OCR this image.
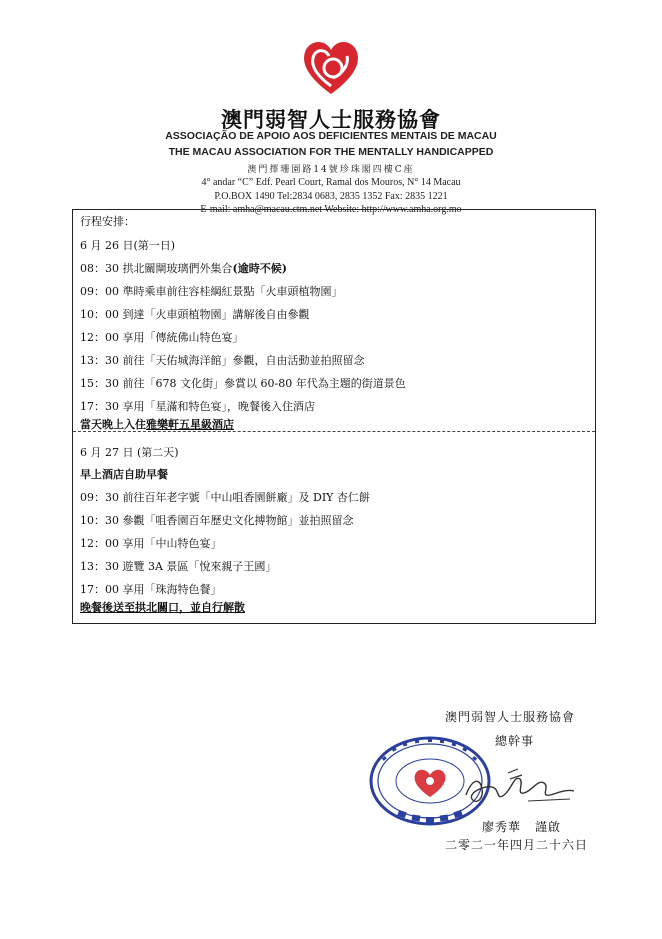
澳門弱智人士服務協會
ASSOCIAÇÃO DE APOIO AOS DEFICIENTES MENTAIS DE MACAU
THE MACAU ASSOCIATION FOR THE MENTALLY HANDICAPPED
澳門擇珊園路14號珍珠閣四樓C座
4° andar “C” Edf. Pearl Court, Ramal dos Mouros, N° 14 Macau
P.O.BOX 1490 Tel:2834 0683, 2835 1352 Fax: 2835 1221
E-mail: amha@macau.ctm.net Website: http://www.amha.org.mo
行程安排：
6 月 26 日(第一日)
08：30 拱北關閘玻璃們外集合(逾時不候)
09：00 準時乘車前往容桂綱紅景點「火車頭植物園」
10：00 到達「火車頭植物園」講解後自由參觀
12：00 享用「傳統佛山特色宴」
13：30 前往「天佑城海洋館」參觀，自由活動並拍照留念
15：30 前往「678 文化街」參賞以 60-80 年代為主題的街道景色
17：30 享用「星滿和特色宴」，晚餐後入住酒店
當天晚上入住雅樂軒五星級酒店
6 月 27 日 (第二天)
早上酒店自助早餐
09：30 前往百年老字號「中山咀香園餅廠」及 DIY 杏仁餅
10：30 參觀「咀香園百年歷史文化搏物館」並拍照留念
12：00 享用「中山特色宴」
13：30 遊覽 3A 景區「悅來親子王國」
17：00 享用「珠海特色餐」
晚餐後送至拱北關口，並自行解散
澳門弱智人士服務協會
總幹事
廖秀華 謹啟
二零二一年四月二十六日
